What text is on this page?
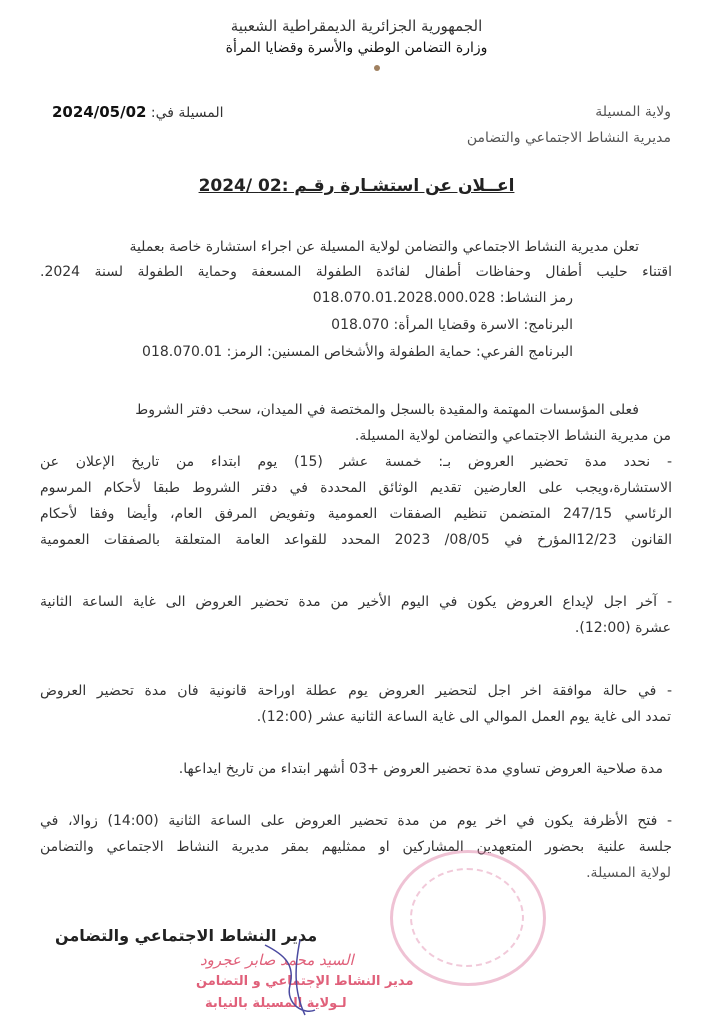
الجمهورية الجزائرية الديمقراطية الشعبية
وزارة التضامن الوطني والأسرة وقضايا المرأة
ولاية المسيلة
مديرية النشاط الاجتماعي والتضامن
المسيلة في: 2024/05/02
اعــلان عن استشـارة رقـم :02 /2024
تعلن مديرية النشاط الاجتماعي والتضامن لولاية المسيلة عن اجراء استشارة خاصة بعملية
اقتناء حليب أطفال وحفاظات أطفال لفائدة الطفولة المسعفة وحماية الطفولة لسنة 2024.
رمز النشاط: 018.070.01.2028.000.028
البرنامج: الاسرة وقضايا المرأة: 018.070
البرنامج الفرعي: حماية الطفولة والأشخاص المسنين: الرمز: 018.070.01
فعلى المؤسسات المهتمة والمقيدة بالسجل والمختصة في الميدان، سحب دفتر الشروط
من مديرية النشاط الاجتماعي والتضامن لولاية المسيلة.
- نحدد مدة تحضير العروض بـ: خمسة عشر (15) يوم ابتداء من تاريخ الإعلان عن
الاستشارة،ويجب على العارضين تقديم الوثائق المحددة في دفتر الشروط طبقا لأحكام المرسوم
الرئاسي 247/15 المتضمن تنظيم الصفقات العمومية وتفويض المرفق العام، وأيضا وفقا لأحكام
القانون 12/23المؤرخ في 08/05/ 2023 المحدد للقواعد العامة المتعلقة بالصفقات العمومية
- آخر اجل لإيداع العروض يكون في اليوم الأخير من مدة تحضير العروض الى غاية الساعة الثانية
عشرة (12:00).
- في حالة موافقة اخر اجل لتحضير العروض يوم عطلة اوراحة قانونية فان مدة تحضير العروض
تمدد الى غاية يوم العمل الموالي الى غاية الساعة الثانية عشر (12:00).
مدة صلاحية العروض تساوي مدة تحضير العروض +03 أشهر ابتداء من تاريخ ايداعها.
- فتح الأظرفة يكون في اخر يوم من مدة تحضير العروض على الساعة الثانية (14:00) زوالا، في
جلسة علنية بحضور المتعهدين المشاركين او ممثليهم بمقر مديرية النشاط الاجتماعي والتضامن
لولاية المسيلة.
مدير النشاط الاجتماعي والتضامن
السيد محمد صابر عجرود
مدير النشاط الإجتماعي و التضامن
لـولاية المسيلة بالنيابة
